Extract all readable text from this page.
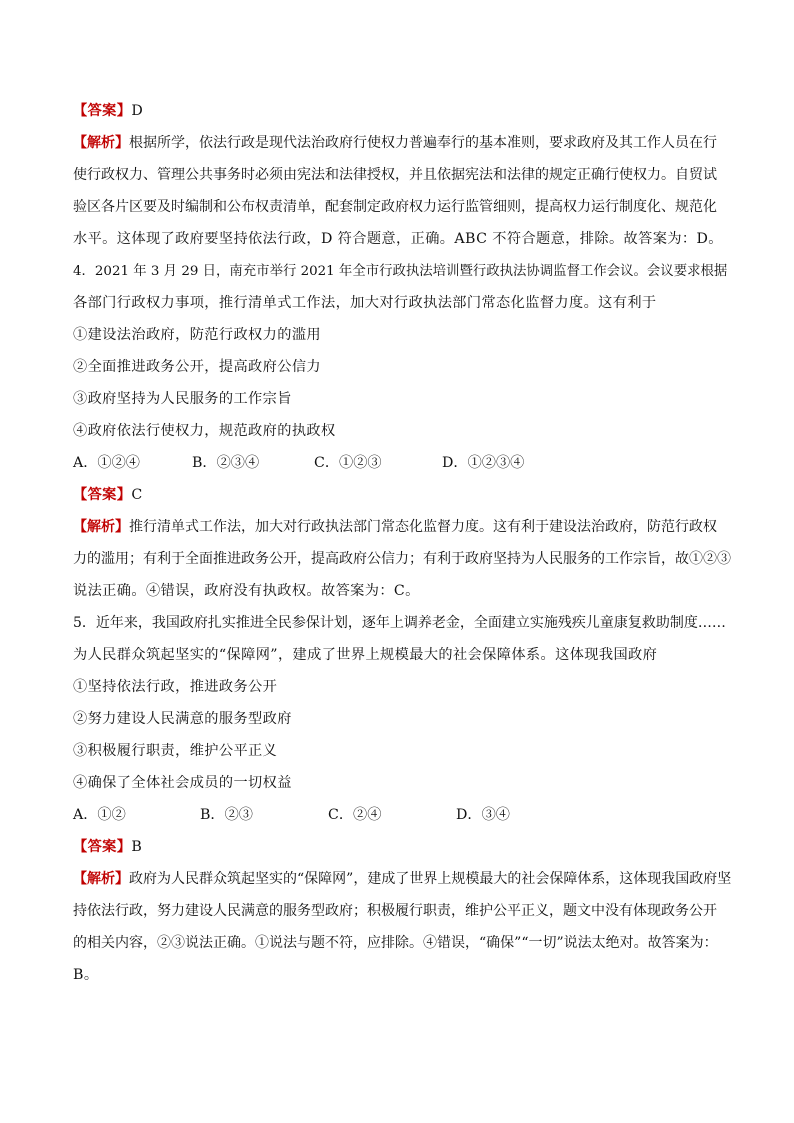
【答案】D
【解析】根据所学，依法行政是现代法治政府行使权力普遍奉行的基本准则，要求政府及其工作人员在行
使行政权力、管理公共事务时必须由宪法和法律授权，并且依据宪法和法律的规定正确行使权力。自贸试
验区各片区要及时编制和公布权责清单，配套制定政府权力运行监管细则，提高权力运行制度化、规范化
水平。这体现了政府要坚持依法行政，D 符合题意，正确。ABC 不符合题意，排除。故答案为：D。
4．2021 年 3 月 29 日，南充市举行 2021 年全市行政执法培训暨行政执法协调监督工作会议。会议要求根据
各部门行政权力事项，推行清单式工作法，加大对行政执法部门常态化监督力度。这有利于
①建设法治政府，防范行政权力的滥用
②全面推进政务公开，提高政府公信力
③政府坚持为人民服务的工作宗旨
④政府依法行使权力，规范政府的执政权
A．①②④	B．②③④	C．①②③	D．①②③④
【答案】C
【解析】推行清单式工作法，加大对行政执法部门常态化监督力度。这有利于建设法治政府，防范行政权
力的滥用；有利于全面推进政务公开，提高政府公信力；有利于政府坚持为人民服务的工作宗旨，故①②③
说法正确。④错误，政府没有执政权。故答案为：C。
5．近年来，我国政府扎实推进全民参保计划，逐年上调养老金，全面建立实施残疾儿童康复救助制度……
为人民群众筑起坚实的“保障网”，建成了世界上规模最大的社会保障体系。这体现我国政府
①坚持依法行政，推进政务公开
②努力建设人民满意的服务型政府
③积极履行职责，维护公平正义
④确保了全体社会成员的一切权益
A．①②	B．②③	C．②④	D．③④
【答案】B
【解析】政府为人民群众筑起坚实的“保障网”，建成了世界上规模最大的社会保障体系，这体现我国政府坚
持依法行政，努力建设人民满意的服务型政府；积极履行职责，维护公平正义，题文中没有体现政务公开
的相关内容，②③说法正确。①说法与题不符，应排除。④错误，“确保”“一切”说法太绝对。故答案为：
B。
